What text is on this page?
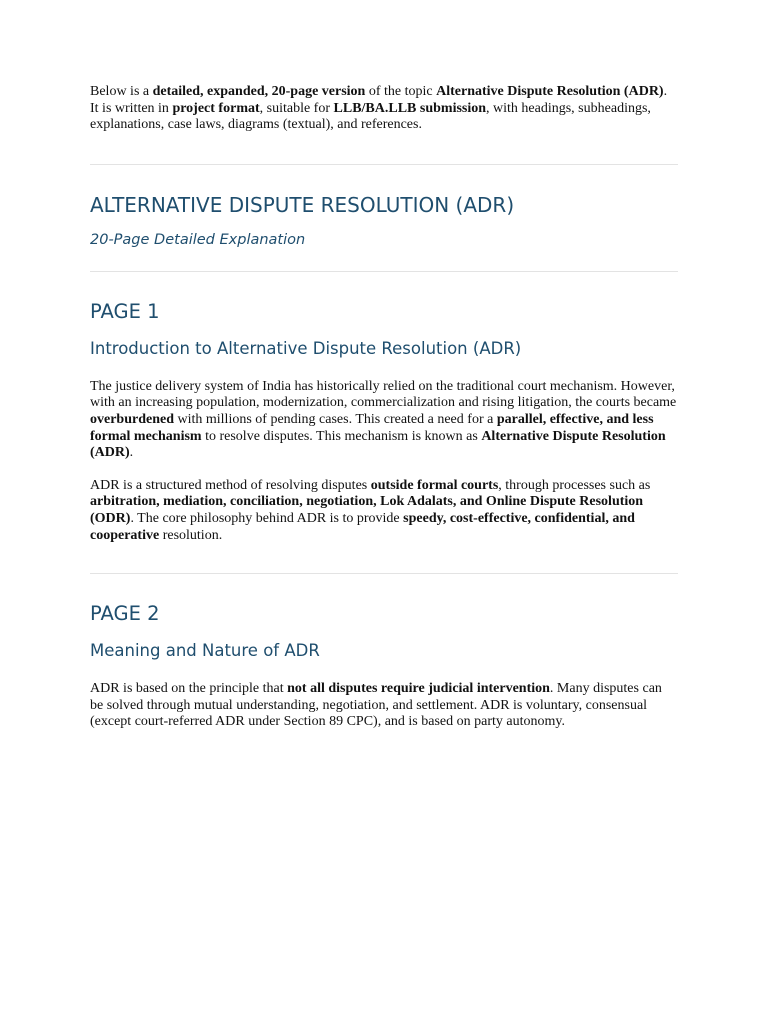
Below is a detailed, expanded, 20-page version of the topic Alternative Dispute Resolution (ADR).

It is written in project format, suitable for LLB/BA.LLB submission, with headings, subheadings, explanations, case laws, diagrams (textual), and references.

ALTERNATIVE DISPUTE RESOLUTION (ADR)
20-Page Detailed Explanation
PAGE 1
Introduction to Alternative Dispute Resolution (ADR)

The justice delivery system of India has historically relied on the traditional court mechanism. However, with an increasing population, modernization, commercialization and rising litigation, the courts became overburdened with millions of pending cases. This created a need for a parallel, effective, and less formal mechanism to resolve disputes. This mechanism is known as Alternative Dispute Resolution (ADR).

ADR is a structured method of resolving disputes outside formal courts, through processes such as arbitration, mediation, conciliation, negotiation, Lok Adalats, and Online Dispute Resolution (ODR). The core philosophy behind ADR is to provide speedy, cost-effective, confidential, and cooperative resolution.

PAGE 2
Meaning and Nature of ADR

ADR is based on the principle that not all disputes require judicial intervention. Many disputes can be solved through mutual understanding, negotiation, and settlement. ADR is voluntary, consensual (except court-referred ADR under Section 89 CPC), and is based on party autonomy.
